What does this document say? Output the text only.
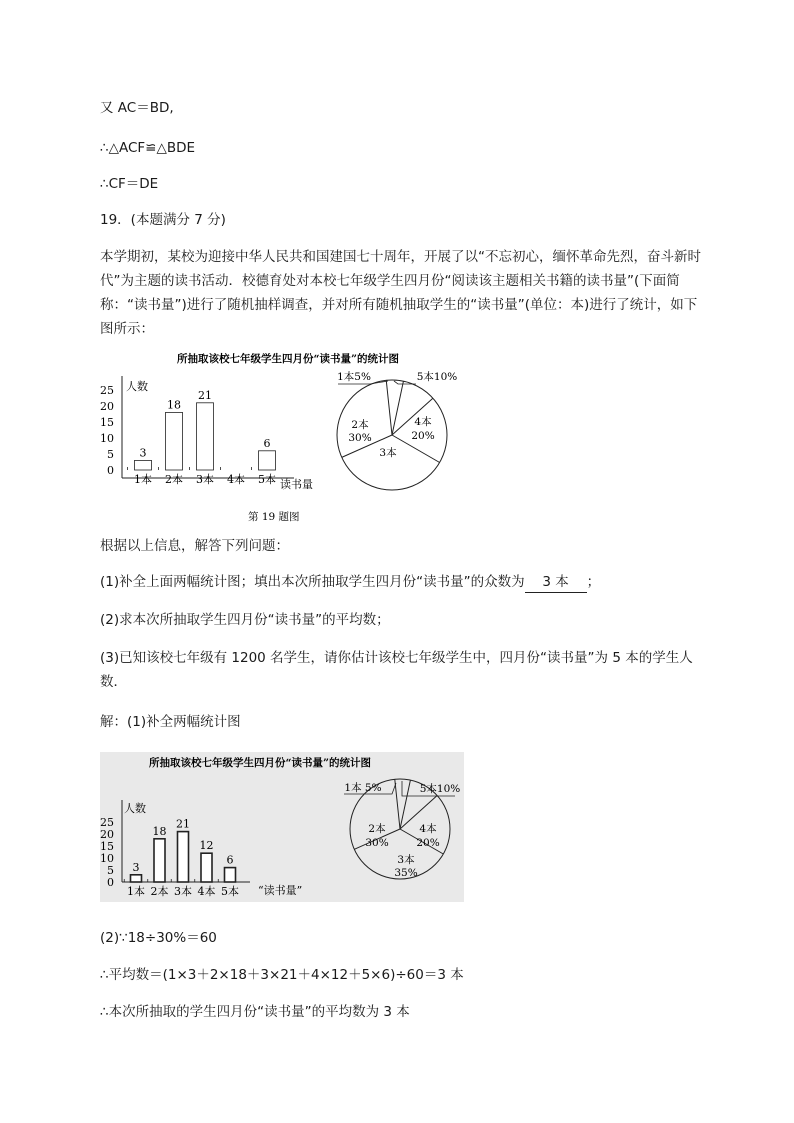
又 AC＝BD,
∴△ACF≌△BDE
∴CF＝DE
19．(本题满分 7 分)
本学期初，某校为迎接中华人民共和国建国七十周年，开展了以“不忘初心，缅怀革命先烈，奋斗新时代”为主题的读书活动．校德育处对本校七年级学生四月份“阅读该主题相关书籍的读书量”(下面简称：“读书量”)进行了随机抽样调查，并对所有随机抽取学生的“读书量”(单位：本)进行了统计，如下图所示：
所抽取该校七年级学生四月份“读书量”的统计图
人数
读书量
第 19 题图
0
5
10
15
20
25
1本 2本 3本 4本 5本
3
18
21
6
1本5%	5本10%
2本
30%
4本
20%
3本
根据以上信息，解答下列问题：
(1)补全上面两幅统计图；填出本次所抽取学生四月份“读书量”的众数为 3 本 ；
(2)求本次所抽取学生四月份“读书量”的平均数；
(3)已知该校七年级有 1200 名学生，请你估计该校七年级学生中，四月份“读书量”为 5 本的学生人数．
解：(1)补全两幅统计图
所抽取该校七年级学生四月份“读书量”的统计图
人数
“读书量”
0
5
10
15
20
25
1本 2本 3本 4本 5本
3
18
21
12
6
1本 5%	5本10%
2本
30%
4本
20%
3本
35%
(2)∵18÷30%＝60
∴平均数＝(1×3＋2×18＋3×21＋4×12＋5×6)÷60＝3 本
∴本次所抽取的学生四月份“读书量”的平均数为 3 本
